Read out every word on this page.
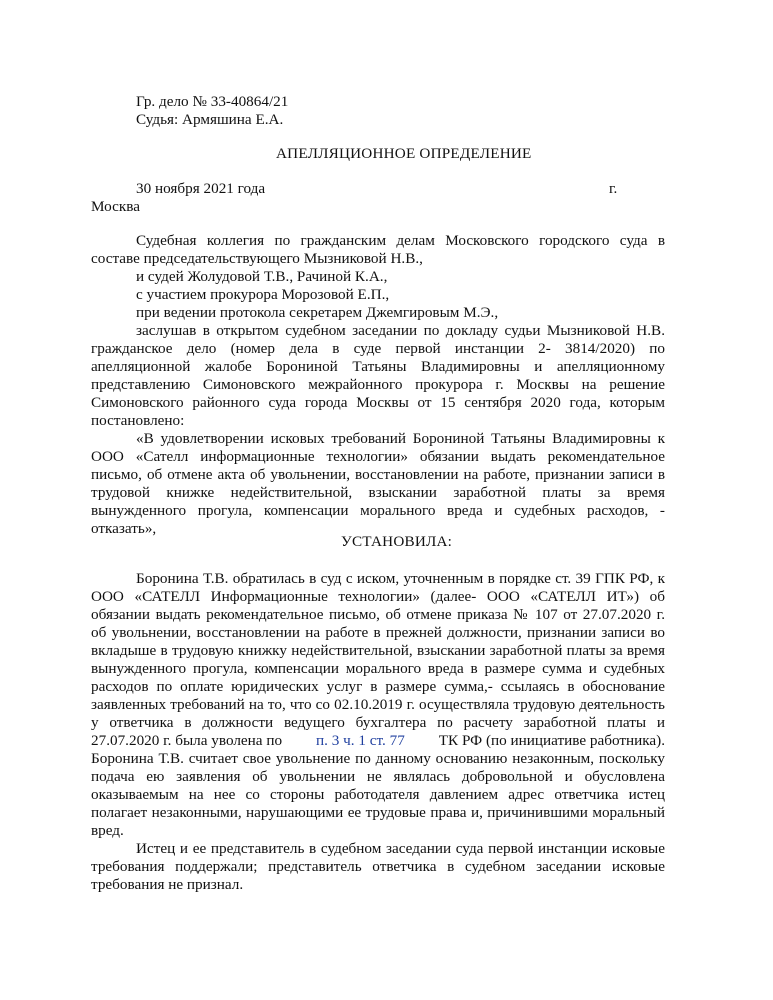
Гр. дело № 33-40864/21
Судья: Армяшина Е.А.
АПЕЛЛЯЦИОННОЕ ОПРЕДЕЛЕНИЕ
30 ноября 2021 года	г.
Москва
Судебная коллегия по гражданским делам Московского городского суда в
составе председательствующего Мызниковой Н.В.,
и судей Жолудовой Т.В., Рачиной К.А.,
с участием прокурора Морозовой Е.П.,
при ведении протокола секретарем Джемгировым М.Э.,
заслушав в открытом судебном заседании по докладу судьи Мызниковой Н.В.
гражданское дело (номер дела в суде первой инстанции 2- 3814/2020) по
апелляционной жалобе Борониной Татьяны Владимировны и апелляционному
представлению Симоновского межрайонного прокурора г. Москвы на решение
Симоновского районного суда города Москвы от 15 сентября 2020 года, которым
постановлено:
«В удовлетворении исковых требований Борониной Татьяны Владимировны к
ООО «Сателл информационные технологии» обязании выдать рекомендательное
письмо, об отмене акта об увольнении, восстановлении на работе, признании записи в
трудовой книжке недействительной, взыскании заработной платы за время
вынужденного прогула, компенсации морального вреда и судебных расходов, -
отказать»,
УСТАНОВИЛА:
Боронина Т.В. обратилась в суд с иском, уточненным в порядке ст. 39 ГПК РФ, к
ООО «САТЕЛЛ Информационные технологии» (далее- ООО «САТЕЛЛ ИТ») об
обязании выдать рекомендательное письмо, об отмене приказа № 107 от 27.07.2020 г.
об увольнении, восстановлении на работе в прежней должности, признании записи во
вкладыше в трудовую книжку недействительной, взыскании заработной платы за время
вынужденного прогула, компенсации морального вреда в размере сумма и судебных
расходов по оплате юридических услуг в размере сумма,- ссылаясь в обоснование
заявленных требований на то, что со 02.10.2019 г. осуществляла трудовую деятельность
у ответчика в должности ведущего бухгалтера по расчету заработной платы и
27.07.2020 г. была уволена по п. 3 ч. 1 ст. 77 ТК РФ (по инициативе работника).
Боронина Т.В. считает свое увольнение по данному основанию незаконным, поскольку
подача ею заявления об увольнении не являлась добровольной и обусловлена
оказываемым на нее со стороны работодателя давлением адрес ответчика истец
полагает незаконными, нарушающими ее трудовые права и, причинившими моральный
вред.
Истец и ее представитель в судебном заседании суда первой инстанции исковые
требования поддержали; представитель ответчика в судебном заседании исковые
требования не признал.
